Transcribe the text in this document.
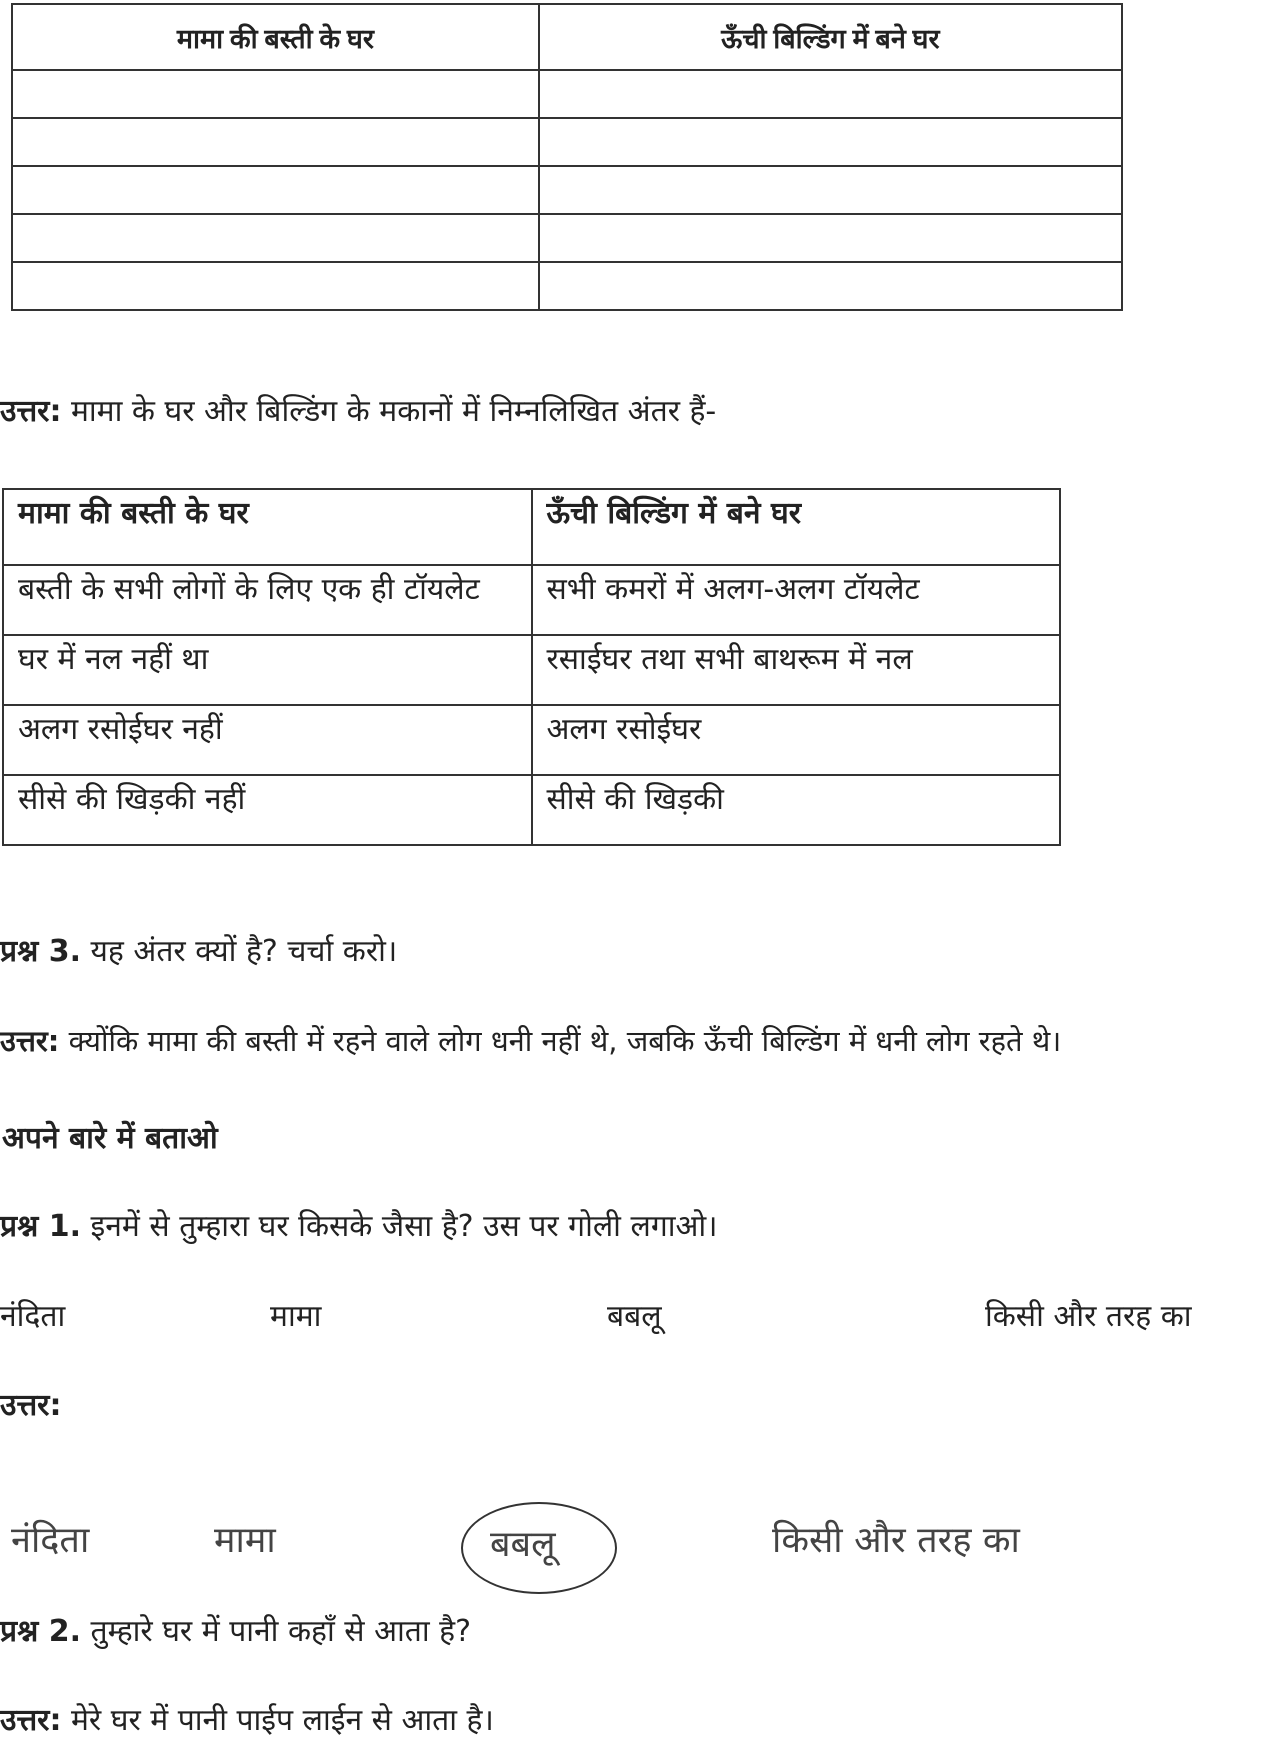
मामा की बस्ती के घर	ऊँची बिल्डिंग में बने घर

उत्तर: मामा के घर और बिल्डिंग के मकानों में निम्नलिखित अंतर हैं-
मामा की बस्ती के घर	ऊँची बिल्डिंग में बने घर
बस्ती के सभी लोगों के लिए एक ही टॉयलेट	सभी कमरों में अलग-अलग टॉयलेट
घर में नल नहीं था	रसाईघर तथा सभी बाथरूम में नल
अलग रसोईघर नहीं	अलग रसोईघर
सीसे की खिड़की नहीं	सीसे की खिड़की
प्रश्न 3. यह अंतर क्यों है? चर्चा करो।
उत्तर: क्योंकि मामा की बस्ती में रहने वाले लोग धनी नहीं थे, जबकि ऊँची बिल्डिंग में धनी लोग रहते थे।
अपने बारे में बताओ
प्रश्न 1. इनमें से तुम्हारा घर किसके जैसा है? उस पर गोली लगाओ।
नंदिता	मामा	बबलू	किसी और तरह का
उत्तर:
नंदिता	मामा	बबलू	किसी और तरह का
प्रश्न 2. तुम्हारे घर में पानी कहाँ से आता है?
उत्तर: मेरे घर में पानी पाईप लाईन से आता है।
